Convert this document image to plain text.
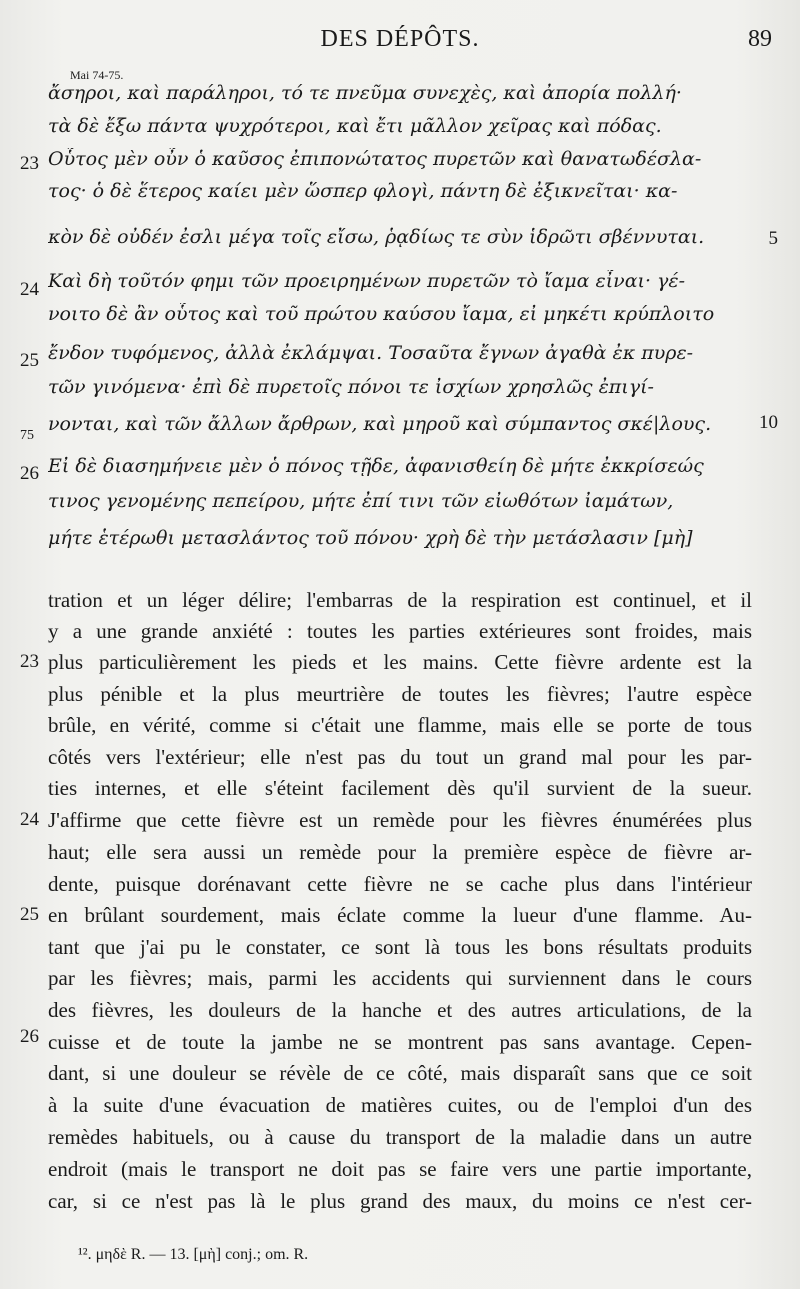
DES DÉPÔTS.	89
Mai 74-75.
ἄσηροι, καὶ παράληροι, τό τε πνεῦμα συνεχὲς, καὶ ἀπορία πολλή·
τὰ δὲ ἔξω πάντα ψυχρότεροι, καὶ ἔτι μᾶλλον χεῖρας καὶ πόδας.
Οὗτος μὲν οὖν ὁ καῦσος ἐπιπονώτατος πυρετῶν καὶ θανατωδέσλα-
τος· ὁ δὲ ἕτερος καίει μὲν ὥσπερ φλογὶ, πάντη δὲ ἐξικνεῖται· κα-
κὸν δὲ οὐδέν ἐσλι μέγα τοῖς εἴσω, ῥᾳδίως τε σὺν ἱδρῶτι σβέννυται.
Καὶ δὴ τοῦτόν φημι τῶν προειρημένων πυρετῶν τὸ ἴαμα εἶναι· γέ-
νοιτο δὲ ἂν οὗτος καὶ τοῦ πρώτου καύσου ἴαμα, εἰ μηκέτι κρύπλοιτο
ἔνδον τυφόμενος, ἀλλὰ ἐκλάμψαι. Τοσαῦτα ἔγνων ἀγαθὰ ἐκ πυρε-
τῶν γινόμενα· ἐπὶ δὲ πυρετοῖς πόνοι τε ἰσχίων χρησλῶς ἐπιγί-
νονται, καὶ τῶν ἄλλων ἄρθρων, καὶ μηροῦ καὶ σύμπαντος σκέ|λους.
Εἰ δὲ διασημήνειε μὲν ὁ πόνος τῇδε, ἀφανισθείη δὲ μήτε ἐκκρίσεώς
τινος γενομένης πεπείρου, μήτε ἐπί τινι τῶν εἰωθότων ἰαμάτων,
μήτε ἑτέρωθι μετασλάντος τοῦ πόνου· χρὴ δὲ τὴν μετάσλασιν [μὴ]
23
24
25
75
26
5
10
tration et un léger délire; l'embarras de la respiration est continuel, et il
y a une grande anxiété : toutes les parties extérieures sont froides, mais
plus particulièrement les pieds et les mains. Cette fièvre ardente est la
plus pénible et la plus meurtrière de toutes les fièvres; l'autre espèce
brûle, en vérité, comme si c'était une flamme, mais elle se porte de tous
côtés vers l'extérieur; elle n'est pas du tout un grand mal pour les par-
ties internes, et elle s'éteint facilement dès qu'il survient de la sueur.
J'affirme que cette fièvre est un remède pour les fièvres énumérées plus
haut; elle sera aussi un remède pour la première espèce de fièvre ar-
dente, puisque dorénavant cette fièvre ne se cache plus dans l'intérieur
en brûlant sourdement, mais éclate comme la lueur d'une flamme. Au-
tant que j'ai pu le constater, ce sont là tous les bons résultats produits
par les fièvres; mais, parmi les accidents qui surviennent dans le cours
des fièvres, les douleurs de la hanche et des autres articulations, de la
cuisse et de toute la jambe ne se montrent pas sans avantage. Cepen-
dant, si une douleur se révèle de ce côté, mais disparaît sans que ce soit
à la suite d'une évacuation de matières cuites, ou de l'emploi d'un des
remèdes habituels, ou à cause du transport de la maladie dans un autre
endroit (mais le transport ne doit pas se faire vers une partie importante,
car, si ce n'est pas là le plus grand des maux, du moins ce n'est cer-
23
24
25
26
¹². μηδὲ R. — 13. [μὴ] conj.; om. R.
